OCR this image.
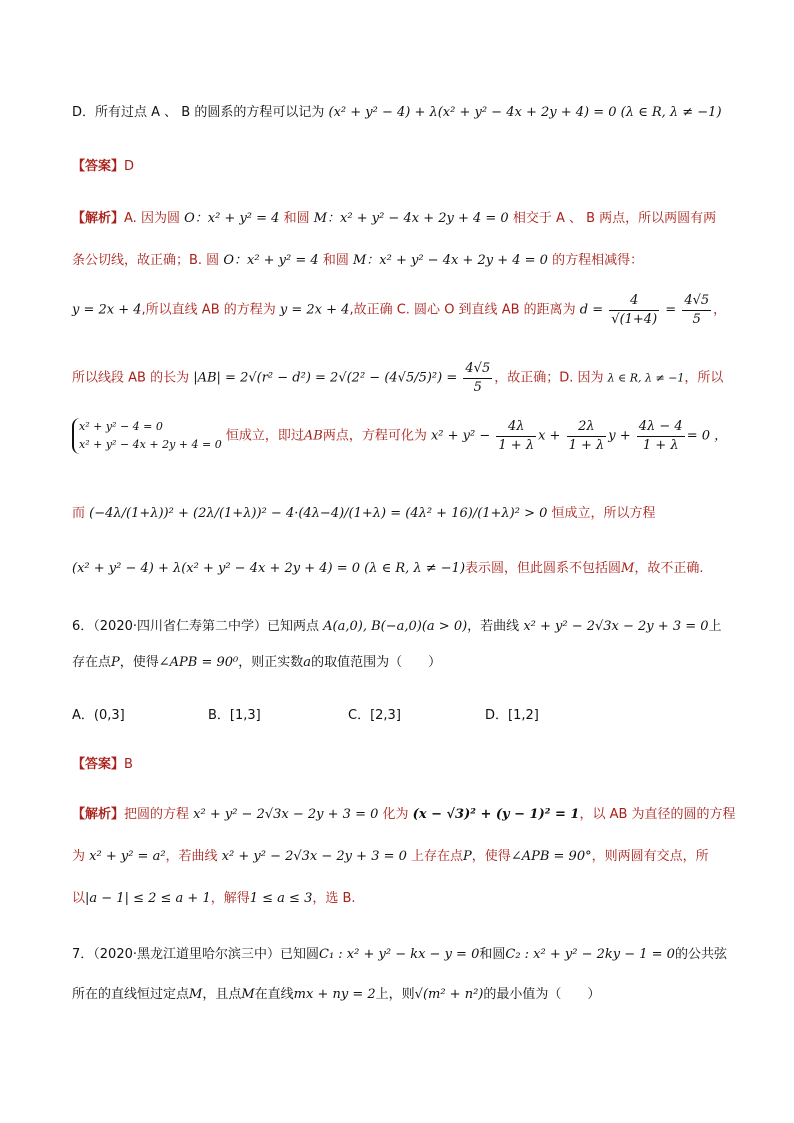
D．所有过点 A 、 B 的圆系的方程可以记为 (x² + y² − 4) + λ(x² + y² − 4x + 2y + 4) = 0 (λ ∈ R, λ ≠ −1)
【答案】D
【解析】A. 因为圆 O：x² + y² = 4 和圆 M：x² + y² − 4x + 2y + 4 = 0 相交于 A 、 B 两点，所以两圆有两
条公切线，故正确；B. 圆 O：x² + y² = 4 和圆 M：x² + y² − 4x + 2y + 4 = 0 的方程相减得：
y = 2x + 4,所以直线 AB 的方程为 y = 2x + 4,故正确 C. 圆心 O 到直线 AB 的距离为 $d = \frac{4}{√(1+4)} = \frac{4√5}{5}$ ，
所以线段 AB 的长为 $|AB| = 2√(r^2 - d^2) = 2√(2^2 - (4√5/5)^2) = \frac{4√5}{5}$ ，故正确；D. 因为 λ ∈ R, λ ≠ −1，所以
x² + y² − 4 = 0
x² + y² − 4x + 2y + 4 = 0
恒成立，即过AB两点，方程可化为 $x^2 + y^2 - \frac{4\lambda}{1 + \lambda}$ $x + \frac{2\lambda}{1 + \lambda}$ $y + \frac{4\lambda - 4}{1 + \lambda} = 0$ ，
而 (−4λ/(1+λ))² + (2λ/(1+λ))² − 4·(4λ−4)/(1+λ) = (4λ² + 16)/(1+λ)² > 0 恒成立，所以方程
(x² + y² − 4) + λ(x² + y² − 4x + 2y + 4) = 0 (λ ∈ R, λ ≠ −1)表示圆，但此圆系不包括圆M，故不正确.
6．（2020·四川省仁寿第二中学）已知两点 A(a,0), B(−a,0)(a > 0)，若曲线 x² + y² − 2√3x − 2y + 3 = 0上
存在点P，使得∠APB = 90⁰，则正实数a的取值范围为（　　）
A．(0,3]	B．[1,3]	C．[2,3]	D．[1,2]
【答案】B
【解析】把圆的方程 x² + y² − 2√3x − 2y + 3 = 0 化为 (x − √3)² + (y − 1)² = 1，以 AB 为直径的圆的方程
为 x² + y² = a²，若曲线 x² + y² − 2√3x − 2y + 3 = 0 上存在点P，使得∠APB = 90°，则两圆有交点，所
以|a − 1| ≤ 2 ≤ a + 1，解得1 ≤ a ≤ 3，选 B.
7．（2020·黑龙江道里哈尔滨三中）已知圆C₁ : x² + y² − kx − y = 0和圆C₂ : x² + y² − 2ky − 1 = 0的公共弦
所在的直线恒过定点M，且点M在直线mx + ny = 2上，则√(m² + n²)的最小值为（　　）
